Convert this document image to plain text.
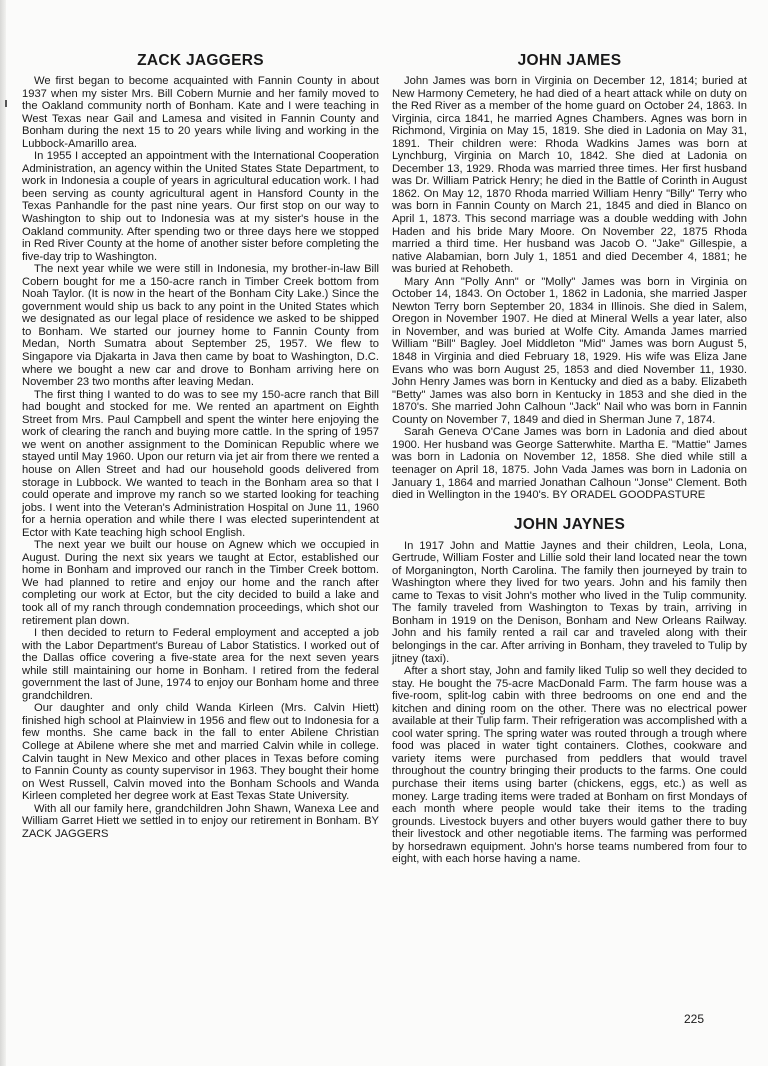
ZACK JAGGERS

We first began to become acquainted with Fannin County in about 1937 when my sister Mrs. Bill Cobern Murnie and her family moved to the Oakland community north of Bonham. Kate and I were teaching in West Texas near Gail and Lamesa and visited in Fannin County and Bonham during the next 15 to 20 years while living and working in the Lubbock-Amarillo area.

In 1955 I accepted an appointment with the International Cooperation Administration, an agency within the United States State Department, to work in Indonesia a couple of years in agricultural education work. I had been serving as county agricultural agent in Hansford County in the Texas Panhandle for the past nine years. Our first stop on our way to Washington to ship out to Indonesia was at my sister's house in the Oakland community. After spending two or three days here we stopped in Red River County at the home of another sister before completing the five-day trip to Washington.

The next year while we were still in Indonesia, my brother-in-law Bill Cobern bought for me a 150-acre ranch in Timber Creek bottom from Noah Taylor. (It is now in the heart of the Bonham City Lake.) Since the government would ship us back to any point in the United States which we designated as our legal place of residence we asked to be shipped to Bonham. We started our journey home to Fannin County from Medan, North Sumatra about September 25, 1957. We flew to Singapore via Djakarta in Java then came by boat to Washington, D.C. where we bought a new car and drove to Bonham arriving here on November 23 two months after leaving Medan.

The first thing I wanted to do was to see my 150-acre ranch that Bill had bought and stocked for me. We rented an apartment on Eighth Street from Mrs. Paul Campbell and spent the winter here enjoying the work of clearing the ranch and buying more cattle. In the spring of 1957 we went on another assignment to the Dominican Republic where we stayed until May 1960. Upon our return via jet air from there we rented a house on Allen Street and had our household goods delivered from storage in Lubbock. We wanted to teach in the Bonham area so that I could operate and improve my ranch so we started looking for teaching jobs. I went into the Veteran's Administration Hospital on June 11, 1960 for a hernia operation and while there I was elected superintendent at Ector with Kate teaching high school English.

The next year we built our house on Agnew which we occupied in August. During the next six years we taught at Ector, established our home in Bonham and improved our ranch in the Timber Creek bottom. We had planned to retire and enjoy our home and the ranch after completing our work at Ector, but the city decided to build a lake and took all of my ranch through condemnation proceedings, which shot our retirement plan down.

I then decided to return to Federal employment and accepted a job with the Labor Department's Bureau of Labor Statistics. I worked out of the Dallas office covering a five-state area for the next seven years while still maintaining our home in Bonham. I retired from the federal government the last of June, 1974 to enjoy our Bonham home and three grandchildren.

Our daughter and only child Wanda Kirleen (Mrs. Calvin Hiett) finished high school at Plainview in 1956 and flew out to Indonesia for a few months. She came back in the fall to enter Abilene Christian College at Abilene where she met and married Calvin while in college. Calvin taught in New Mexico and other places in Texas before coming to Fannin County as county supervisor in 1963. They bought their home on West Russell, Calvin moved into the Bonham Schools and Wanda Kirleen completed her degree work at East Texas State University.

With all our family here, grandchildren John Shawn, Wanexa Lee and William Garret Hiett we settled in to enjoy our retirement in Bonham. BY ZACK JAGGERS

JOHN JAMES

John James was born in Virginia on December 12, 1814; buried at New Harmony Cemetery, he had died of a heart attack while on duty on the Red River as a member of the home guard on October 24, 1863. In Virginia, circa 1841, he married Agnes Chambers. Agnes was born in Richmond, Virginia on May 15, 1819. She died in Ladonia on May 31, 1891. Their children were: Rhoda Wadkins James was born at Lynchburg, Virginia on March 10, 1842. She died at Ladonia on December 13, 1929. Rhoda was married three times. Her first husband was Dr. William Patrick Henry; he died in the Battle of Corinth in August 1862. On May 12, 1870 Rhoda married William Henry "Billy" Terry who was born in Fannin County on March 21, 1845 and died in Blanco on April 1, 1873. This second marriage was a double wedding with John Haden and his bride Mary Moore. On November 22, 1875 Rhoda married a third time. Her husband was Jacob O. "Jake" Gillespie, a native Alabamian, born July 1, 1851 and died December 4, 1881; he was buried at Rehobeth.

Mary Ann "Polly Ann" or "Molly" James was born in Virginia on October 14, 1843. On October 1, 1862 in Ladonia, she married Jasper Newton Terry born September 20, 1834 in Illinois. She died in Salem, Oregon in November 1907. He died at Mineral Wells a year later, also in November, and was buried at Wolfe City. Amanda James married William "Bill" Bagley. Joel Middleton "Mid" James was born August 5, 1848 in Virginia and died February 18, 1929. His wife was Eliza Jane Evans who was born August 25, 1853 and died November 11, 1930. John Henry James was born in Kentucky and died as a baby. Elizabeth "Betty" James was also born in Kentucky in 1853 and she died in the 1870's. She married John Calhoun "Jack" Nail who was born in Fannin County on November 7, 1849 and died in Sherman June 7, 1874.

Sarah Geneva O'Cane James was born in Ladonia and died about 1900. Her husband was George Satterwhite. Martha E. "Mattie" James was born in Ladonia on November 12, 1858. She died while still a teenager on April 18, 1875. John Vada James was born in Ladonia on January 1, 1864 and married Jonathan Calhoun "Jonse" Clement. Both died in Wellington in the 1940's. BY ORADEL GOODPASTURE

JOHN JAYNES

In 1917 John and Mattie Jaynes and their children, Leola, Lona, Gertrude, William Foster and Lillie sold their land located near the town of Morganington, North Carolina. The family then journeyed by train to Washington where they lived for two years. John and his family then came to Texas to visit John's mother who lived in the Tulip community. The family traveled from Washington to Texas by train, arriving in Bonham in 1919 on the Denison, Bonham and New Orleans Railway. John and his family rented a rail car and traveled along with their belongings in the car. After arriving in Bonham, they traveled to Tulip by jitney (taxi).

After a short stay, John and family liked Tulip so well they decided to stay. He bought the 75-acre MacDonald Farm. The farm house was a five-room, split-log cabin with three bedrooms on one end and the kitchen and dining room on the other. There was no electrical power available at their Tulip farm. Their refrigeration was accomplished with a cool water spring. The spring water was routed through a trough where food was placed in water tight containers. Clothes, cookware and variety items were purchased from peddlers that would travel throughout the country bringing their products to the farms. One could purchase their items using barter (chickens, eggs, etc.) as well as money. Large trading items were traded at Bonham on first Mondays of each month where people would take their items to the trading grounds. Livestock buyers and other buyers would gather there to buy their livestock and other negotiable items. The farming was performed by horsedrawn equipment. John's horse teams numbered from four to eight, with each horse having a name.

225
